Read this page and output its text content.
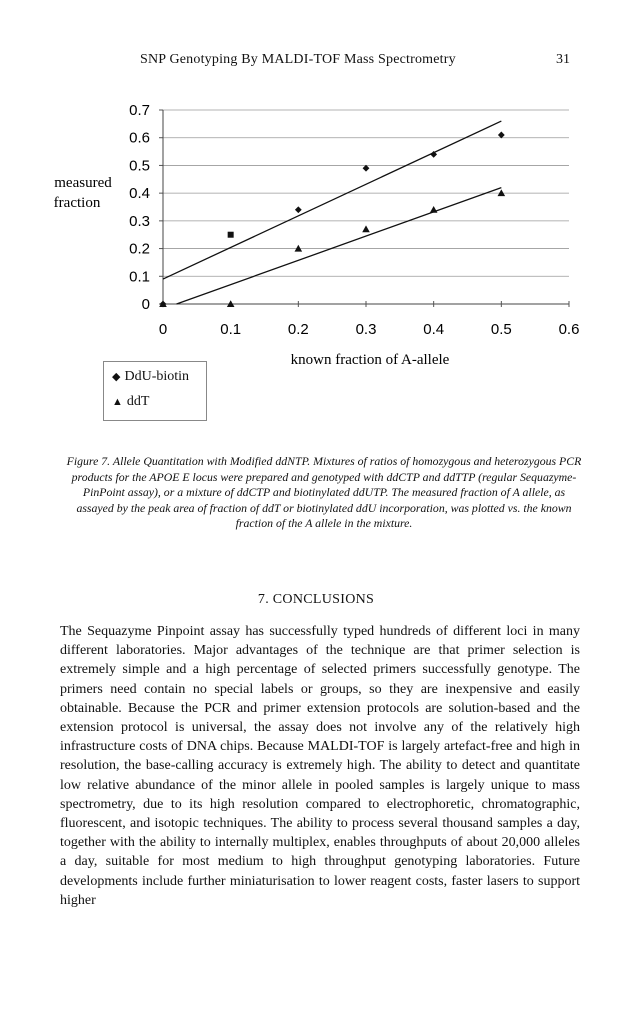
SNP Genotyping By MALDI-TOF Mass Spectrometry	31
0
0.1
0.2
0.3
0.4
0.5
0.6
0.7
0	0.1	0.2	0.3	0.4	0.5	0.6
measured
fraction
known fraction of A-allele
◆ DdU-biotin
▲ ddT
Figure 7. Allele Quantitation with Modified ddNTP. Mixtures of ratios of homozygous and heterozygous PCR products for the APOE E locus were prepared and genotyped with ddCTP and ddTTP (regular Sequazyme-PinPoint assay), or a mixture of ddCTP and biotinylated ddUTP. The measured fraction of A allele, as assayed by the peak area of fraction of ddT or biotinylated ddU incorporation, was plotted vs. the known fraction of the A allele in the mixture.
7. CONCLUSIONS
The Sequazyme Pinpoint assay has successfully typed hundreds of different loci in many different laboratories. Major advantages of the technique are that primer selection is extremely simple and a high percentage of selected primers successfully genotype. The primers need contain no special labels or groups, so they are inexpensive and easily obtainable. Because the PCR and primer extension protocols are solution-based and the extension protocol is universal, the assay does not involve any of the relatively high infrastructure costs of DNA chips. Because MALDI-TOF is largely artefact-free and high in resolution, the base-calling accuracy is extremely high. The ability to detect and quantitate low relative abundance of the minor allele in pooled samples is largely unique to mass spectrometry, due to its high resolution compared to electrophoretic, chromatographic, fluorescent, and isotopic techniques. The ability to process several thousand samples a day, together with the ability to internally multiplex, enables throughputs of about 20,000 alleles a day, suitable for most medium to high throughput genotyping laboratories. Future developments include further miniaturisation to lower reagent costs, faster lasers to support higher
